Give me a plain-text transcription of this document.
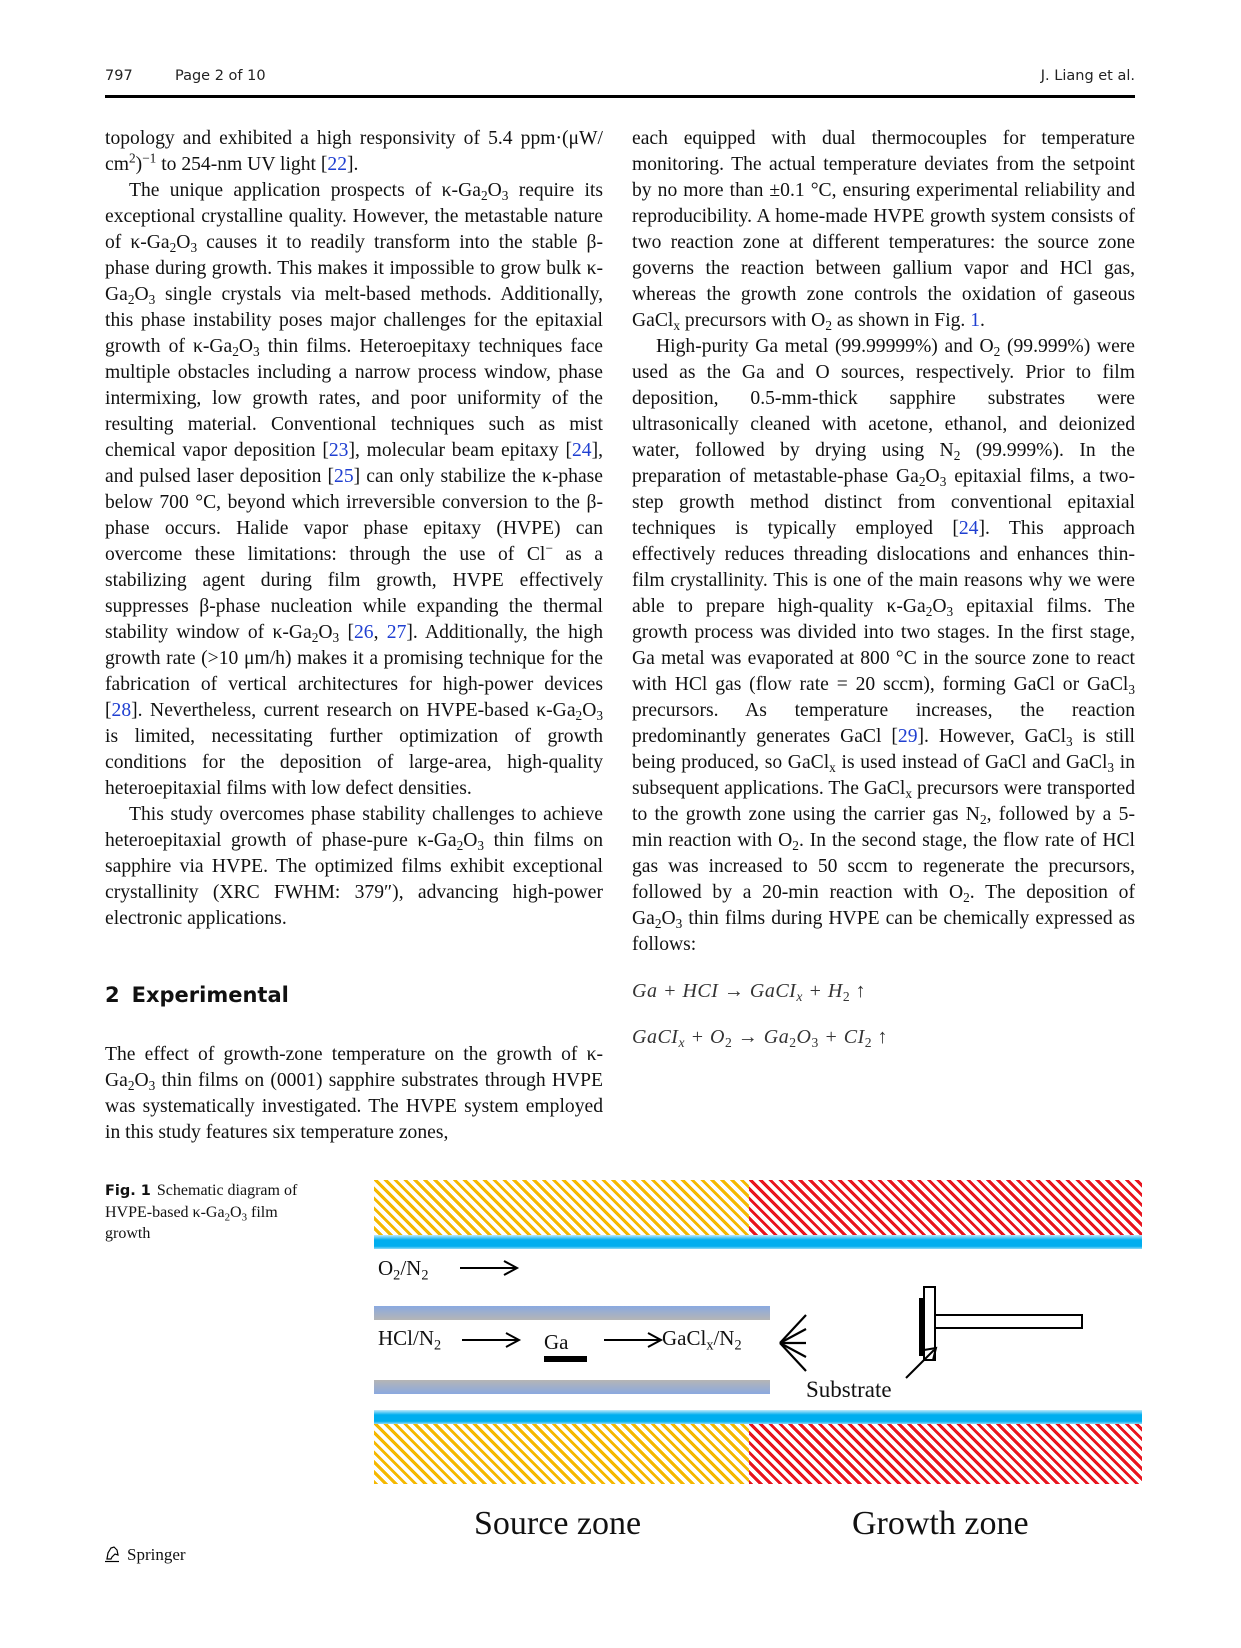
797	Page 2 of 10	J. Liang et al.

topology and exhibited a high responsivity of 5.4 ppm·(μW/ $cm^2)^{-1}$ to 254-nm UV light [22].

The unique application prospects of $\kappa-Ga_2O_3$ require its exceptional crystalline quality. However, the metastable nature of $\kappa-Ga_2O_3$ causes it to readily transform into the stable β-phase during growth. This makes it impossible to grow bulk $\kappa-Ga_2O_3$ single crystals via melt-based methods. Additionally, this phase instability poses major challenges for the epitaxial growth of $\kappa-Ga_2O_3$ thin films. Heteroepitaxy techniques face multiple obstacles including a narrow process window, phase intermixing, low growth rates, and poor uniformity of the resulting material. Conventional techniques such as mist chemical vapor deposition [23], molecular beam epitaxy [24], and pulsed laser deposition [25] can only stabilize the κ-phase below 700 °C, beyond which irreversible conversion to the β-phase occurs. Halide vapor phase epitaxy (HVPE) can overcome these limitations: through the use of Cl− as a stabilizing agent during film growth, HVPE effectively suppresses β-phase nucleation while expanding the thermal stability window of $\kappa-Ga_2O_3$ [26, 27]. Additionally, the high growth rate (>10 μm/h) makes it a promising technique for the fabrication of vertical architectures for high-power devices [28]. Nevertheless, current research on HVPE-based $\kappa-Ga_2O_3$ is limited, necessitating further optimization of growth conditions for the deposition of large-area, high-quality heteroepitaxial films with low defect densities.

This study overcomes phase stability challenges to achieve heteroepitaxial growth of phase-pure $\kappa-Ga_2O_3$ thin films on sapphire via HVPE. The optimized films exhibit exceptional crystallinity (XRC FWHM: 379″), advancing high-power electronic applications.

2 Experimental

The effect of growth-zone temperature on the growth of $\kappa-Ga_2O_3$ thin films on (0001) sapphire substrates through HVPE was systematically investigated. The HVPE system employed in this study features six temperature zones,

each equipped with dual thermocouples for temperature monitoring. The actual temperature deviates from the setpoint by no more than ±0.1 °C, ensuring experimental reliability and reproducibility. A home-made HVPE growth system consists of two reaction zone at different temperatures: the source zone governs the reaction between gallium vapor and HCl gas, whereas the growth zone controls the oxidation of gaseous GaCl$_x$ precursors with $O_2$ as shown in Fig. 1.

High-purity Ga metal (99.99999%) and $O_2$ (99.999%) were used as the Ga and O sources, respectively. Prior to film deposition, 0.5-mm-thick sapphire substrates were ultrasonically cleaned with acetone, ethanol, and deionized water, followed by drying using $N_2$ (99.999%). In the preparation of metastable-phase $Ga_2O_3$ epitaxial films, a two-step growth method distinct from conventional epitaxial techniques is typically employed [24]. This approach effectively reduces threading dislocations and enhances thin-film crystallinity. This is one of the main reasons why we were able to prepare high-quality $\kappa-Ga_2O_3$ epitaxial films. The growth process was divided into two stages. In the first stage, Ga metal was evaporated at 800 °C in the source zone to react with HCl gas (flow rate = 20 sccm), forming GaCl or GaCl$_3$ precursors. As temperature increases, the reaction predominantly generates GaCl [29]. However, GaCl$_3$ is still being produced, so GaCl$_x$ is used instead of GaCl and GaCl$_3$ in subsequent applications. The GaCl$_x$ precursors were transported to the growth zone using the carrier gas $N_2$, followed by a 5-min reaction with $O_2$. In the second stage, the flow rate of HCl gas was increased to 50 sccm to regenerate the precursors, followed by a 20-min reaction with $O_2$. The deposition of $Ga_2O_3$ thin films during HVPE can be chemically expressed as follows:

Ga + HCI → GaCI$_x$ + $H_2$ ↑
GaCI$_x$ + $O_2 \to Ga_2O_3 + CI_2$ ↑
Fig. 1 Schematic diagram of HVPE-based $\kappa-Ga_2O_3$ film growth
$O_2/N_2$
HCl/$N_2$	Ga	$GaCl_x/N_2$
Substrate
Source zone	Growth zone
Springer
